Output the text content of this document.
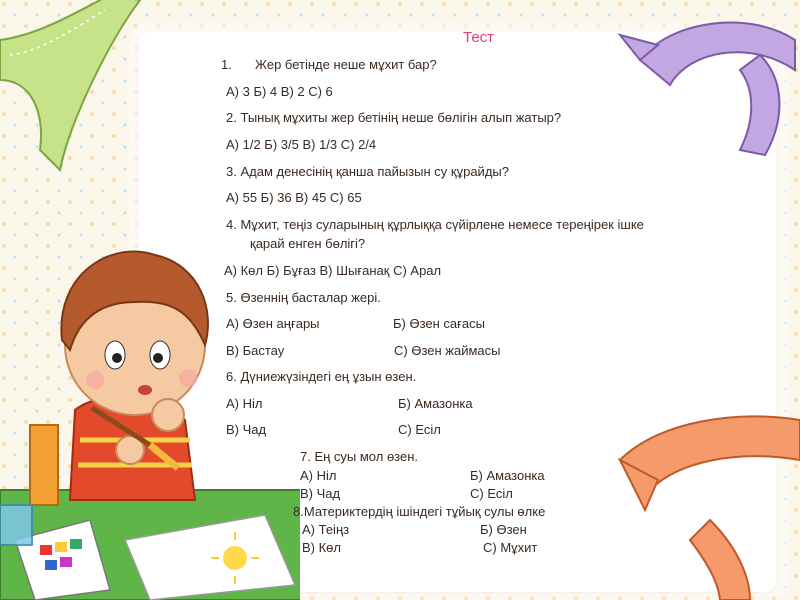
Тест
1. Жер бетінде неше мұхит бар?
А) 3 Б) 4 В) 2 С) 6
2. Тынық мұхиты жер бетінің неше бөлігін алып жатыр?
А) 1/2 Б) 3/5 В) 1/3 С) 2/4
3. Адам денесінің қанша пайызын су құрайды?
А) 55 Б) 36 В) 45 С) 65
4. Мұхит, теңіз суларының құрлыққа сүйірлене немесе тереңірек ішке
қарай енген бөлігі?
А) Көл Б) Бұғаз В) Шығанақ С) Арал
5. Өзеннің басталар жері.
А) Өзен аңғары	Б) Өзен сағасы
В) Бастау	С) Өзен жаймасы
6. Дүниежүзіндегі ең ұзын өзен.
А) Ніл	Б) Амазонка
В) Чад	С) Есіл
7. Ең суы мол өзен.
А) Ніл	Б) Амазонка
В) Чад	С) Есіл
8.Материктердің ішіндегі тұйық сулы өлке
А) Теіңз	Б) Өзен
В) Көл	С) Мұхит
